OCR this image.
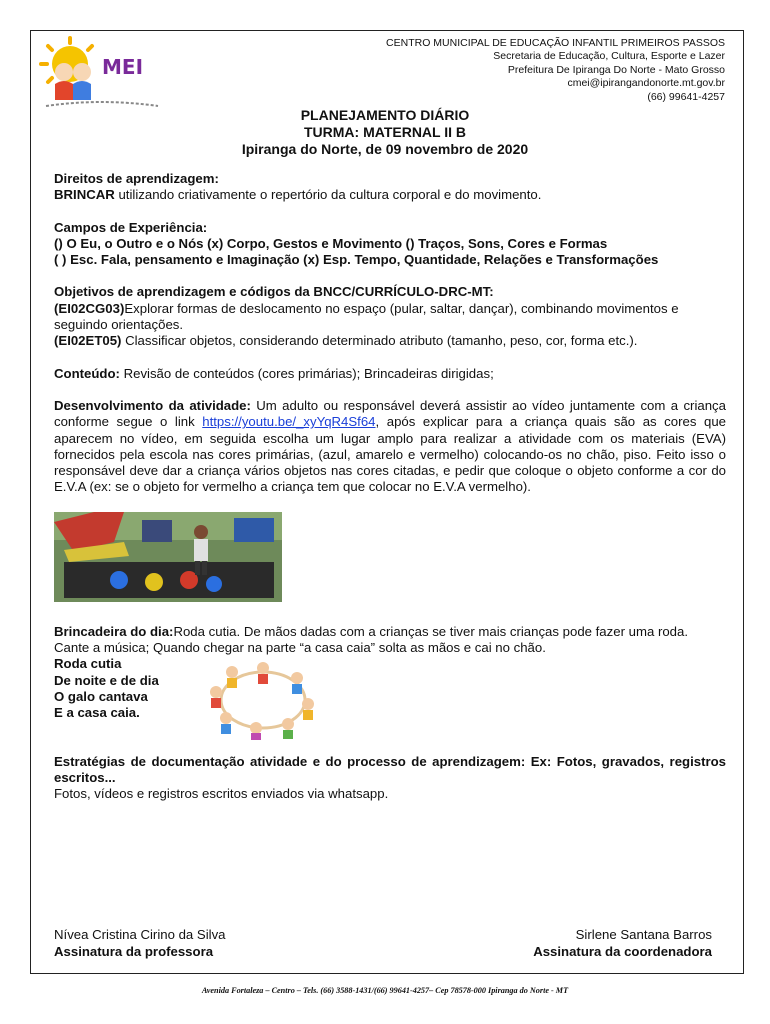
MEI
CENTRO MUNICIPAL DE EDUCAÇÃO INFANTIL PRIMEIROS PASSOS
Secretaria de Educação, Cultura, Esporte e Lazer
Prefeitura De Ipiranga Do Norte - Mato Grosso
cmei@ipirangandonorte.mt.gov.br
(66) 99641-4257
PLANEJAMENTO DIÁRIO
TURMA: MATERNAL II B
Ipiranga do Norte, de 09 novembro de 2020
Direitos de aprendizagem:
BRINCAR utilizando criativamente o repertório da cultura corporal e do movimento.
Campos de Experiência:
() O Eu, o Outro e o Nós (x) Corpo, Gestos e Movimento () Traços, Sons, Cores e Formas
( ) Esc. Fala, pensamento e Imaginação (x) Esp. Tempo, Quantidade, Relações e Transformações
Objetivos de aprendizagem e códigos da BNCC/CURRÍCULO-DRC-MT:
(EI02CG03)Explorar formas de deslocamento no espaço (pular, saltar, dançar), combinando movimentos e seguindo orientações.
(EI02ET05) Classificar objetos, considerando determinado atributo (tamanho, peso, cor, forma etc.).
Conteúdo: Revisão de conteúdos (cores primárias); Brincadeiras dirigidas;
Desenvolvimento da atividade: Um adulto ou responsável deverá assistir ao vídeo juntamente com a criança conforme segue o link https://youtu.be/_xyYqR4Sf64, após explicar para a criança quais são as cores que aparecem no vídeo, em seguida escolha um lugar amplo para realizar a atividade com os materiais (EVA) fornecidos pela escola nas cores primárias, (azul, amarelo e vermelho) colocando-os no chão, piso. Feito isso o responsável deve dar a criança vários objetos nas cores citadas, e pedir que coloque o objeto conforme a cor do E.V.A (ex: se o objeto for vermelho a criança tem que colocar no E.V.A vermelho).
Brincadeira do dia:Roda cutia. De mãos dadas com a crianças se tiver mais crianças pode fazer uma roda. Cante a música; Quando chegar na parte “a casa caia” solta as mãos e cai no chão.
Roda cutia
De noite e de dia
O galo cantava
E a casa caia.
Estratégias de documentação atividade e do processo de aprendizagem: Ex: Fotos, gravados, registros escritos...
Fotos, vídeos e registros escritos enviados via whatsapp.
Nívea Cristina Cirino da Silva
Assinatura da professora
Sirlene Santana Barros
Assinatura da coordenadora
Avenida Fortaleza – Centro – Tels. (66) 3588-1431/(66) 99641-4257– Cep 78578-000 Ipiranga do Norte - MT
